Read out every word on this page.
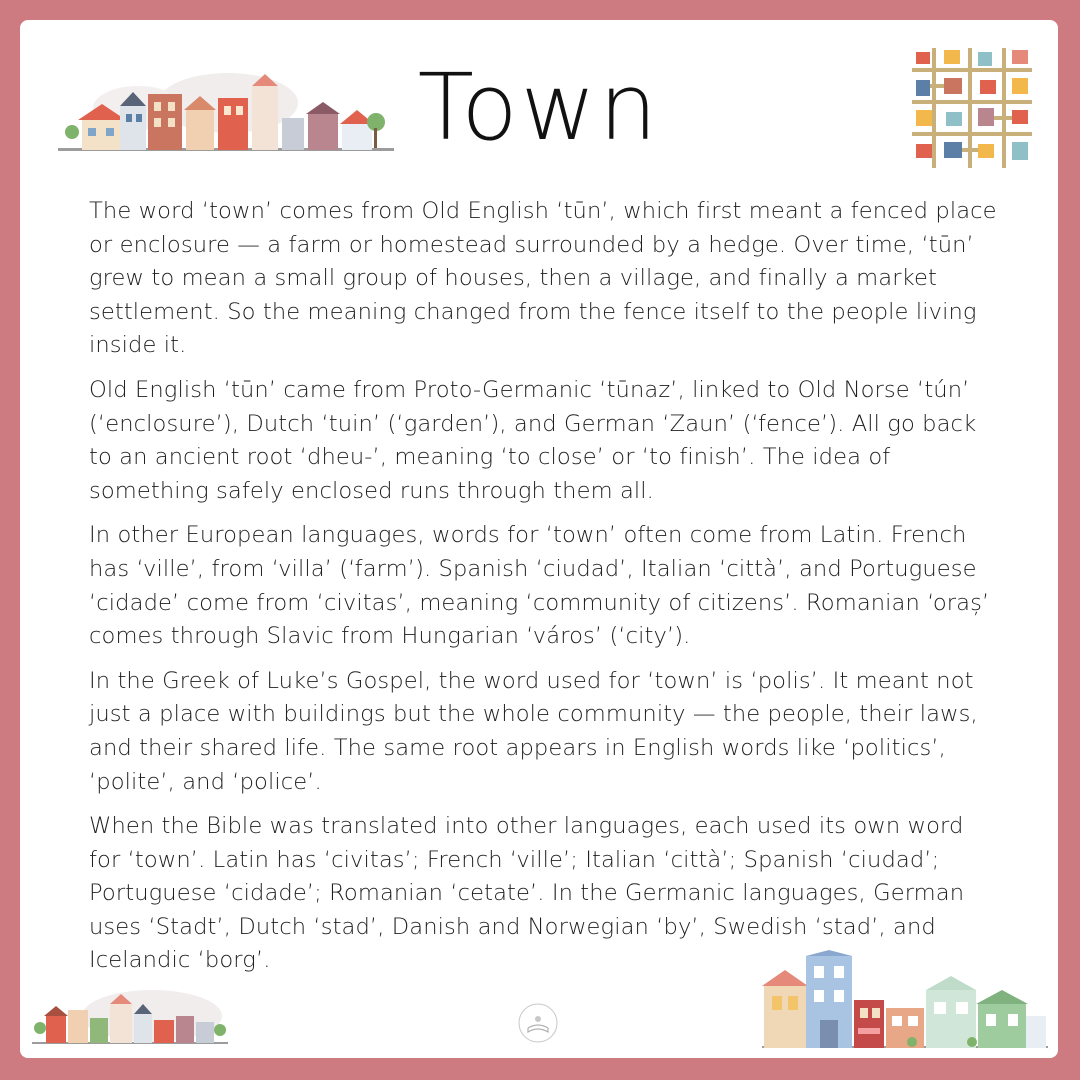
Town

The word ‘town’ comes from Old English ‘tūn’, which first meant a fenced place or enclosure — a farm or homestead surrounded by a hedge. Over time, ‘tūn’ grew to mean a small group of houses, then a village, and finally a market settlement. So the meaning changed from the fence itself to the people living inside it.

Old English ‘tūn’ came from Proto-Germanic ‘tūnaz’, linked to Old Norse ‘tún’ (‘enclosure’), Dutch ‘tuin’ (‘garden’), and German ‘Zaun’ (‘fence’). All go back to an ancient root ‘dheu-’, meaning ‘to close’ or ‘to finish’. The idea of something safely enclosed runs through them all.

In other European languages, words for ‘town’ often come from Latin. French has ‘ville’, from ‘villa’ (‘farm’). Spanish ‘ciudad’, Italian ‘città’, and Portuguese ‘cidade’ come from ‘civitas’, meaning ‘community of citizens’. Romanian ‘oraș’ comes through Slavic from Hungarian ‘város’ (‘city’).

In the Greek of Luke’s Gospel, the word used for ‘town’ is ‘polis’. It meant not just a place with buildings but the whole community — the people, their laws, and their shared life. The same root appears in English words like ‘politics’, ‘polite’, and ‘police’.

When the Bible was translated into other languages, each used its own word for ‘town’. Latin has ‘civitas’; French ‘ville’; Italian ‘città’; Spanish ‘ciudad’; Portuguese ‘cidade’; Romanian ‘cetate’. In the Germanic languages, German uses ‘Stadt’, Dutch ‘stad’, Danish and Norwegian ‘by’, Swedish ‘stad’, and Icelandic ‘borg’.
